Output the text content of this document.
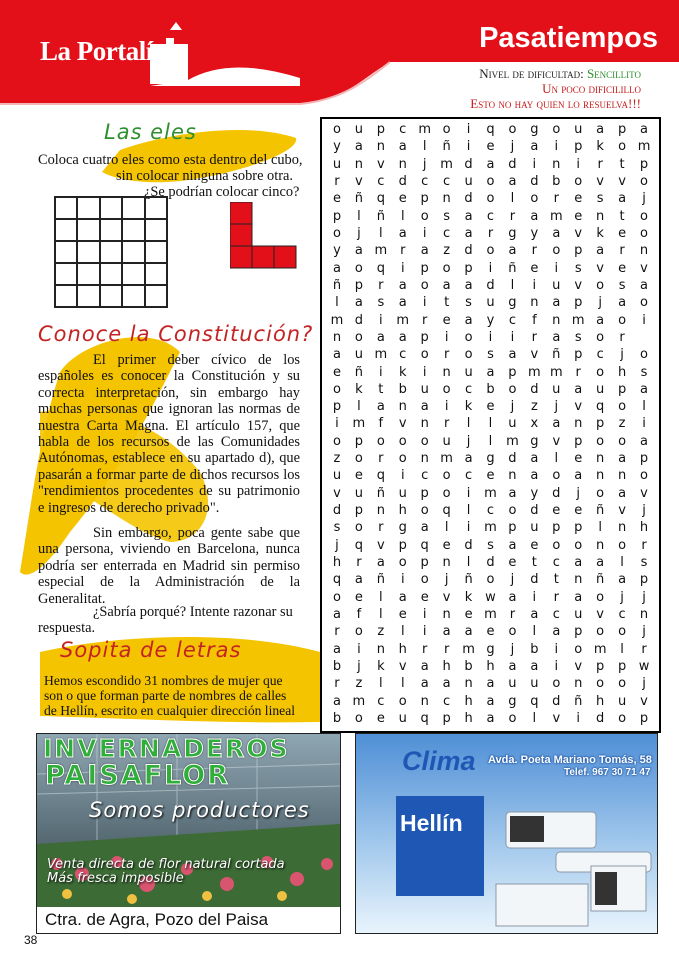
La Portalí	Pasatiempos
Nivel de dificultad: Sencillito
Un poco dificilillo
Esto no hay quien lo resuelva!!!
Las eles
Coloca cuatro eles como esta dentro del cubo,
sin colocar ninguna sobre otra.
¿Se podrían colocar cinco?
Conoce la Constitución?
El primer deber cívico de los españoles es conocer la Constitución y su correcta interpretación, sin embargo hay muchas personas que ignoran las normas de nuestra Carta Magna. El artículo 157, que habla de los recursos de las Comunidades Autónomas, establece en su apartado d), que pasarán a formar parte de dichos recursos los "rendimientos procedentes de su patrimonio e ingresos de derecho privado".
Sin embargo, poca gente sabe que una persona, viviendo en Barcelona, nunca podría ser enterrada en Madrid sin permiso especial de la Administración de la Generalitat.
¿Sabría porqué? Intente razonar su respuesta.
Sopita de letras
Hemos escondido 31 nombres de mujer que
son o que forman parte de nombres de calles
de Hellín, escrito en cualquier dirección lineal
o	u	p	c m o	i	q	o	g	o	u	a	p	a
y	a	n	a	l	ñ	i	e	j	a	i	p	k	o m
u	n	v	n	j	m d	a	d	i	n	i	r	t	p
r	v	c	d	c	c	u	o	a	d	b	o	v	v	o
e	ñ	q	e	p	n	d	o	l	o	r	e	s	a	j
p	l	ñ	l	o	s	a	c	r	a m e	n	t	o
o	j	l	a	i	c	a	r	g	y	a	v	k	e	o
y	a m r	a	z	d	o	a	r	o	p	a	r	n
a	o	q	i	p	o	p	i	ñ	e	i	s	v	e	v
ñ	p	r	a	o	a	a	d	l	i	u	v	o	s	a
l	a	s	a	i	t	s	u	g	n	a	p	j	a	o
m d	i	m r	e	a	y	c	f	n m a	o	i
n	o	a	a	p	i	o	i	i	r	a	s	o	r
a	u m c	o	r	o	s	a	v	ñ	p	c	j	o
e	ñ	i	k	i	n	u	a	p m m r	o	h	s
o	k	t	b	u	o	c	b	o	d	u	a	u	p	a
p	l	a	n	a	i	k	e	j	z	j	v	q	o	l
i	m	f	v	n	r	l	l	u	x	a	n	p	z	i
o	p	o	o	o	u	j	l	m g	v	p	o	o	a
z	o	r	o	n m a	g	d	a	l	e	n	a	p
u	e	q	i	c	o	c	e	n	a	o	a	n	n	o
v	u	ñ	u	p	o	i	m a	y	d	j	o	a	v
d	p	n	h	o	q	l	c	o	d	e	e	ñ	v	j
s	o	r	g	a	l	i	m p	u	p	p	l	n	h
j	q	v	p	q	e	d	s	a	e	o	o	n	o	r
h	r	a	o	p	n	l	d	e	t	c	a	a	l	s
q	a	ñ	i	o	j	ñ	o	j	d	t	n	ñ	a	p
o	e	l	a	e	v	k w a	i	r	a	o	j	j
a	f	l	e	i	n	e m r	a	c	u	v	c	n
r	o	z	l	i	a	a	e	o	l	a	p	o	o	j
a	i	n	h	r	r m g	j	b	i	o m	l	r
b	j	k	v	a	h	b	h	a	a	i	v	p	p w
r	z	l	l	a	a	n	a	u	u	o	n	o	o	j
a m c	o	n	c	h	a	g	q	d	ñ	h	u	v
b	o	e	u	q	p	h	a	o	l	v	i	d	o	p
INVERNADEROS
PAISAFLOR
Somos productores
Venta directa de flor natural cortada
Más fresca imposible
Ctra. de Agra, Pozo del Paisa
Clima
Hellín
Avda. Poeta Mariano Tomás, 58
Telef. 967 30 71 47
38
